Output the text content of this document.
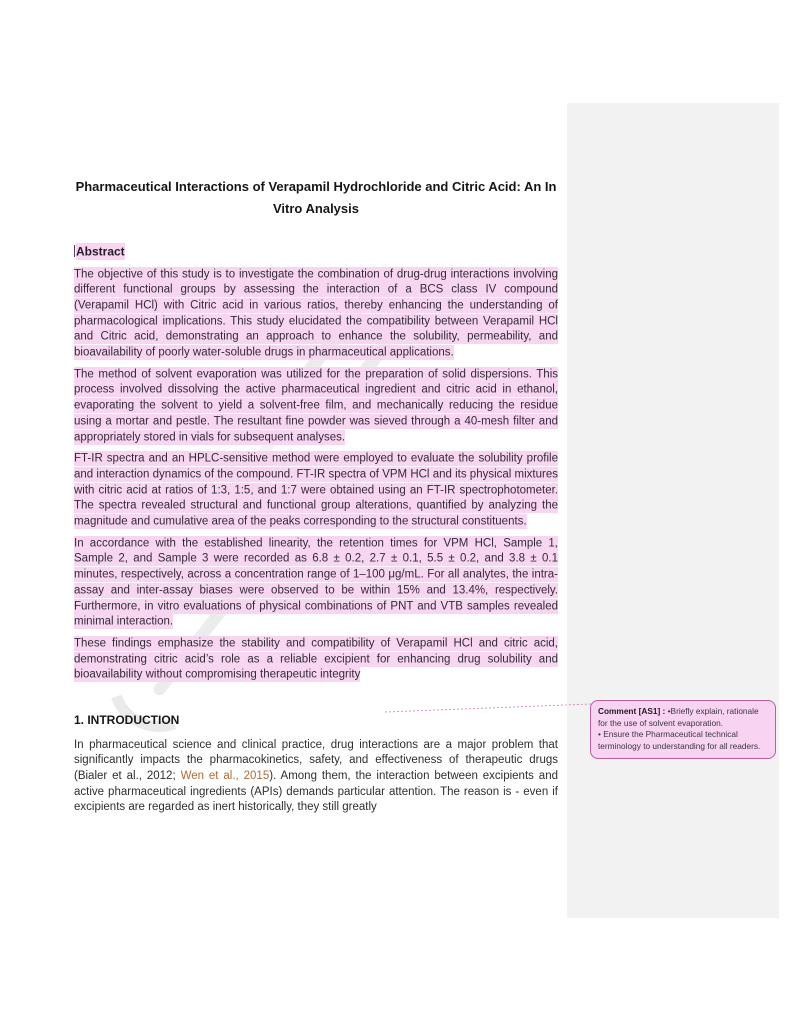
Pharmaceutical Interactions of Verapamil Hydrochloride and Citric Acid: An In Vitro Analysis
Abstract

The objective of this study is to investigate the combination of drug-drug interactions involving different functional groups by assessing the interaction of a BCS class IV compound (Verapamil HCl) with Citric acid in various ratios, thereby enhancing the understanding of pharmacological implications. This study elucidated the compatibility between Verapamil HCl and Citric acid, demonstrating an approach to enhance the solubility, permeability, and bioavailability of poorly water-soluble drugs in pharmaceutical applications.

The method of solvent evaporation was utilized for the preparation of solid dispersions. This process involved dissolving the active pharmaceutical ingredient and citric acid in ethanol, evaporating the solvent to yield a solvent-free film, and mechanically reducing the residue using a mortar and pestle. The resultant fine powder was sieved through a 40-mesh filter and appropriately stored in vials for subsequent analyses.

FT-IR spectra and an HPLC-sensitive method were employed to evaluate the solubility profile and interaction dynamics of the compound. FT-IR spectra of VPM HCl and its physical mixtures with citric acid at ratios of 1:3, 1:5, and 1:7 were obtained using an FT-IR spectrophotometer. The spectra revealed structural and functional group alterations, quantified by analyzing the magnitude and cumulative area of the peaks corresponding to the structural constituents.

In accordance with the established linearity, the retention times for VPM HCl, Sample 1, Sample 2, and Sample 3 were recorded as 6.8 ± 0.2, 2.7 ± 0.1, 5.5 ± 0.2, and 3.8 ± 0.1 minutes, respectively, across a concentration range of 1–100 μg/mL. For all analytes, the intra-assay and inter-assay biases were observed to be within 15% and 13.4%, respectively. Furthermore, in vitro evaluations of physical combinations of PNT and VTB samples revealed minimal interaction.

These findings emphasize the stability and compatibility of Verapamil HCl and citric acid, demonstrating citric acid’s role as a reliable excipient for enhancing drug solubility and bioavailability without compromising therapeutic integrity

1. INTRODUCTION

In pharmaceutical science and clinical practice, drug interactions are a major problem that significantly impacts the pharmacokinetics, safety, and effectiveness of therapeutic drugs (Bialer et al., 2012; Wen et al., 2015). Among them, the interaction between excipients and active pharmaceutical ingredients (APIs) demands particular attention. The reason is - even if excipients are regarded as inert historically, they still greatly

Comment [AS1] : •Briefly explain, rationale for the use of solvent evaporation.
• Ensure the Pharmaceutical technical terminology to understanding for all readers.
